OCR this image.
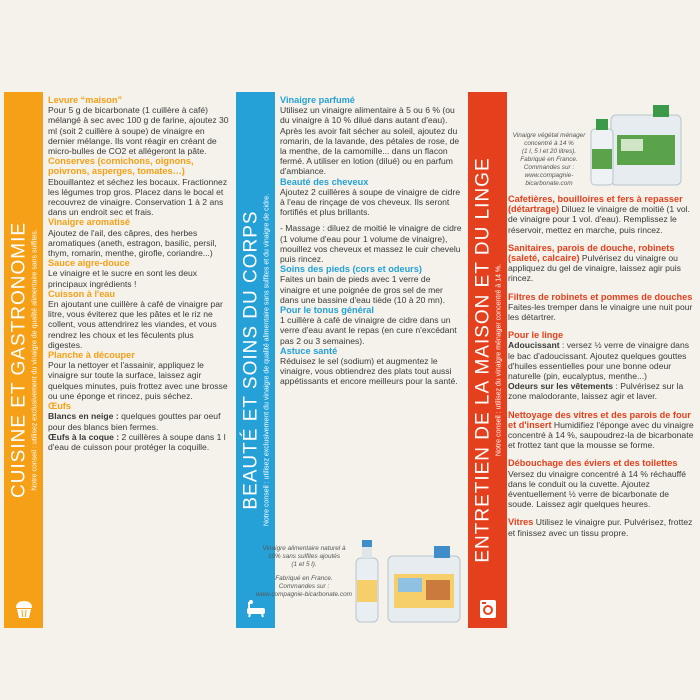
CUISINE ET GASTRONOMIE Notre conseil : utilisez exclusivement du vinaigre de qualité alimentaire sans sulfites.	BEAUTÉ ET SOINS DU CORPS Notre conseil : utilisez exclusivement du vinaigre de qualité alimentaire sans sulfites et du vinaigre de cidre.	ENTRETIEN DE LA MAISON ET DU LINGE Notre conseil : utilisez du vinaigre ménager concentré à 14 %.

Levure “maison”

Pour 5 g de bicarbonate (1 cuillère à café) mélangé à sec avec 100 g de farine, ajoutez 30 ml (soit 2 cuillère à soupe) de vinaigre en dernier mélange. Ils vont réagir en créant de micro-bulles de CO2 et allégeront la pâte.

Conserves (cornichons, oignons, poivrons, asperges, tomates…)

Ebouillantez et séchez les bocaux. Fractionnez les légumes trop gros. Placez dans le bocal et recouvrez de vinaigre. Conservation 1 à 2 ans dans un endroit sec et frais.

Vinaigre aromatisé

Ajoutez de l'ail, des câpres, des herbes aromatiques (aneth, estragon, basilic, persil, thym, romarin, menthe, girofle, coriandre...)

Sauce aigre-douce

Le vinaigre et le sucre en sont les deux principaux ingrédients !

Cuisson à l'eau

En ajoutant une cuillère à café de vinaigre par litre, vous éviterez que les pâtes et le riz ne collent, vous attendrirez les viandes, et vous rendrez les choux et les féculents plus digestes.

Planche à découper

Pour la nettoyer et l'assainir, appliquez le vinaigre sur toute la surface, laissez agir quelques minutes, puis frottez avec une brosse ou une éponge et rincez, puis séchez.

Œufs

Blancs en neige : quelques gouttes par oeuf pour des blancs bien fermes.

Œufs à la coque : 2 cuillères à soupe dans 1 l d'eau de cuisson pour protéger la coquille.

Vinaigre parfumé

Utilisez un vinaigre alimentaire à 5 ou 6 % (ou du vinaigre à 10 % dilué dans autant d'eau). Après les avoir fait sécher au soleil, ajoutez du romarin, de la lavande, des pétales de rose, de la menthe, de la camomille... dans un flacon fermé. A utiliser en lotion (dilué) ou en parfum d'ambiance.

Beauté des cheveux

Ajoutez 2 cuillères à soupe de vinaigre de cidre à l'eau de rinçage de vos cheveux. Ils seront fortifiés et plus brillants.

- Massage : diluez de moitié le vinaigre de cidre (1 volume d'eau pour 1 volume de vinaigre), mouillez vos cheveux et massez le cuir chevelu puis rincez.

Soins des pieds (cors et odeurs)

Faites un bain de pieds avec 1 verre de vinaigre et une poignée de gros sel de mer dans une bassine d'eau tiède (10 à 20 mn).

Pour le tonus général

1 cuillère à café de vinaigre de cidre dans un verre d'eau avant le repas (en cure n'excédant pas 2 ou 3 semaines).

Astuce santé

Réduisez le sel (sodium) et augmentez le vinaigre, vous obtiendrez des plats tout aussi appétissants et encore meilleurs pour la santé.

Vinaigre alimentaire naturel à
10% sans sulfites ajoutés
(1 et 5 l).
Fabriqué en France.
Commandes sur :
www.compagnie-bicarbonate.com
Vinaigre végétal ménager
concentré à 14 %
(1 l, 5 l et 20 litres).
Fabriqué en France.
Commandes sur :
www.compagnie-bicarbonate.com

Cafetières, bouilloires et fers à repasser (détartrage) Diluez le vinaigre de moitié (1 vol. de vinaigre pour 1 vol. d'eau). Remplissez le réservoir, mettez en marche, puis rincez.

Sanitaires, parois de douche, robinets (saleté, calcaire) Pulvérisez du vinaigre ou appliquez du gel de vinaigre, laissez agir puis rincez.

Filtres de robinets et pommes de douches Faites-les tremper dans le vinaigre une nuit pour les détartrer.

Pour le linge

Adoucissant : versez ½ verre de vinaigre dans le bac d'adoucissant. Ajoutez quelques gouttes d'huiles essentielles pour une bonne odeur naturelle (pin, eucalyptus, menthe...)

Odeurs sur les vêtements : Pulvérisez sur la zone malodorante, laissez agir et laver.

Nettoyage des vitres et des parois de four et d'insert Humidifiez l'éponge avec du vinaigre concentré à 14 %, saupoudrez-la de bicarbonate et frottez tant que la mousse se forme.

Débouchage des éviers et des toilettes Versez du vinaigre concentré à 14 % réchauffé dans le conduit ou la cuvette. Ajoutez éventuellement ½ verre de bicarbonate de soude. Laissez agir quelques heures.

Vitres Utilisez le vinaigre pur. Pulvérisez, frottez et finissez avec un tissu propre.
